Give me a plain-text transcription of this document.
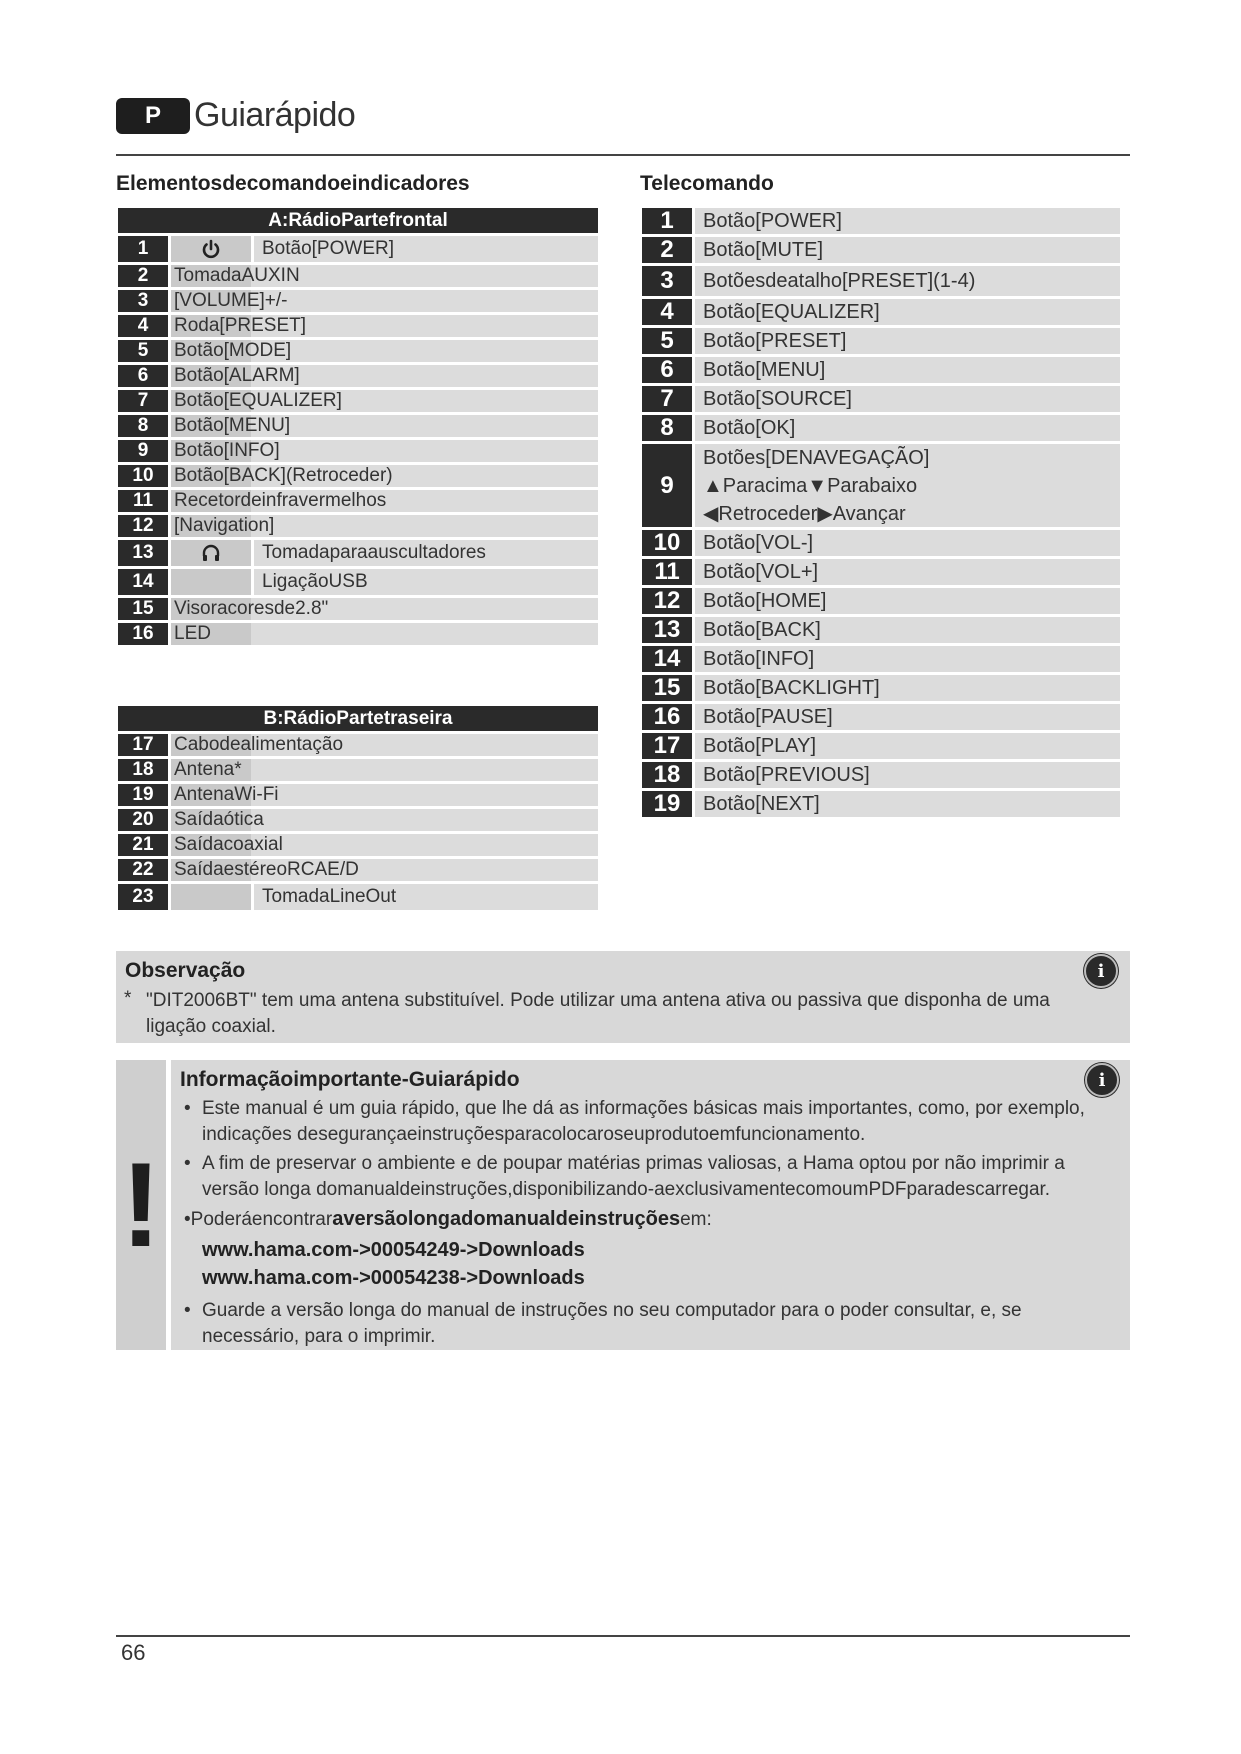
P Guiarápido
Elementosdecomandoeindicadores
A:RádioPartefrontal
1	Botão[POWER]
2	TomadaAUXIN
3	[VOLUME]+/-
4	Roda[PRESET]
5	Botão[MODE]
6	Botão[ALARM]
7	Botão[EQUALIZER]
8	Botão[MENU]
9	Botão[INFO]
10	Botão[BACK](Retroceder)
11	Recetordeinfravermelhos
12	[Navigation]
13	Tomadaparaauscultadores
14	LigaçãoUSB
15	Visoracoresde2.8"
16	LED
B:RádioPartetraseira
17	Cabodealimentação
18	Antena*
19	AntenaWi-Fi
20	Saídaótica
21	Saídacoaxial
22	SaídaestéreoRCAE/D
23	TomadaLineOut
Telecomando
1	Botão[POWER]
2	Botão[MUTE]
3	Botõesdeatalho[PRESET](1-4)
4	Botão[EQUALIZER]
5	Botão[PRESET]
6	Botão[MENU]
7	Botão[SOURCE]
8	Botão[OK]
9
Botões[DENAVEGAÇÃO]
▲Paracima▼Parabaixo
◀Retroceder▶Avançar
10	Botão[VOL-]
11	Botão[VOL+]
12	Botão[HOME]
13	Botão[BACK]
14	Botão[INFO]
15	Botão[BACKLIGHT]
16	Botão[PAUSE]
17	Botão[PLAY]
18	Botão[PREVIOUS]
19	Botão[NEXT]
Observação	i
* "DIT2006BT" tem uma antena substituível. Pode utilizar uma antena ativa ou passiva que disponha de uma ligação coaxial.
!
Informaçãoimportante-Guiarápido	i
• Este manual é um guia rápido, que lhe dá as informações básicas mais importantes, como, por exemplo, indicações desegurançaeinstruçõesparacolocaroseuprodutoemfuncionamento.
• A fim de preservar o ambiente e de poupar matérias primas valiosas, a Hama optou por não imprimir a versão longa domanualdeinstruções,disponibilizando-aexclusivamentecomoumPDFparadescarregar.
•Poderáencontraraversãolongadomanualdeinstruçõesem:
www.hama.com->00054249->Downloads
www.hama.com->00054238->Downloads
• Guarde a versão longa do manual de instruções no seu computador para o poder consultar, e, se necessário, para o imprimir.
66
